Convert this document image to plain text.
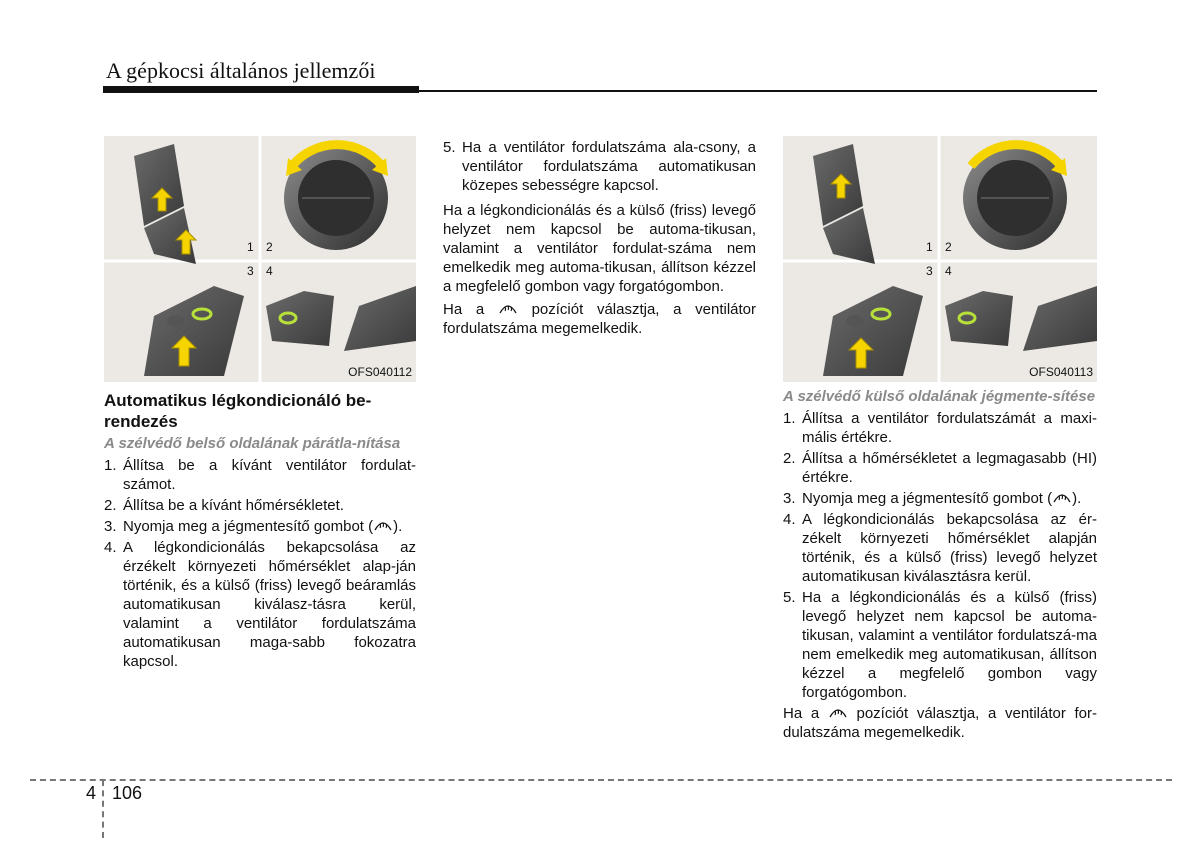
A gépkocsi általános jellemzői
1 2
3 4
OFS040112
Automatikus légkondicionáló be-rendezés
A szélvédő belső oldalának párátla-nítása
1. Állítsa be a kívánt ventilátor fordulat-számot.
2. Állítsa be a kívánt hőmérsékletet.
3. Nyomja meg a jégmentesítő gombot ( ).
4. A légkondicionálás bekapcsolása az érzékelt környezeti hőmérséklet alap-ján történik, és a külső (friss) levegő beáramlás automatikusan kiválasz-tásra kerül, valamint a ventilátor fordulatszáma automatikusan maga-sabb fokozatra kapcsol.
5. Ha a ventilátor fordulatszáma ala-csony, a ventilátor fordulatszáma automatikusan közepes sebességre kapcsol.

Ha a légkondicionálás és a külső (friss) levegő helyzet nem kapcsol be automa-tikusan, valamint a ventilátor fordulat-száma nem emelkedik meg automa-tikusan, állítson kézzel a megfelelő gombon vagy forgatógombon.

Ha a	pozíciót választja, a ventilátor fordulatszáma megemelkedik.

1 2
3 4
OFS040113
A szélvédő külső oldalának jégmente-sítése
1. Állítsa a ventilátor fordulatszámát a maxi-mális értékre.
2. Állítsa a hőmérsékletet a legmagasabb (HI) értékre.
3. Nyomja meg a jégmentesítő gombot ( ).
4. A légkondicionálás bekapcsolása az ér-zékelt környezeti hőmérséklet alapján történik, és a külső (friss) levegő helyzet automatikusan kiválasztásra kerül.
5. Ha a légkondicionálás és a külső (friss) levegő helyzet nem kapcsol be automa-tikusan, valamint a ventilátor fordulatszá-ma nem emelkedik meg automatikusan, állítson kézzel a megfelelő gombon vagy forgatógombon.

Ha a pozíciót választja, a ventilátor for-dulatszáma megemelkedik.

4 106
